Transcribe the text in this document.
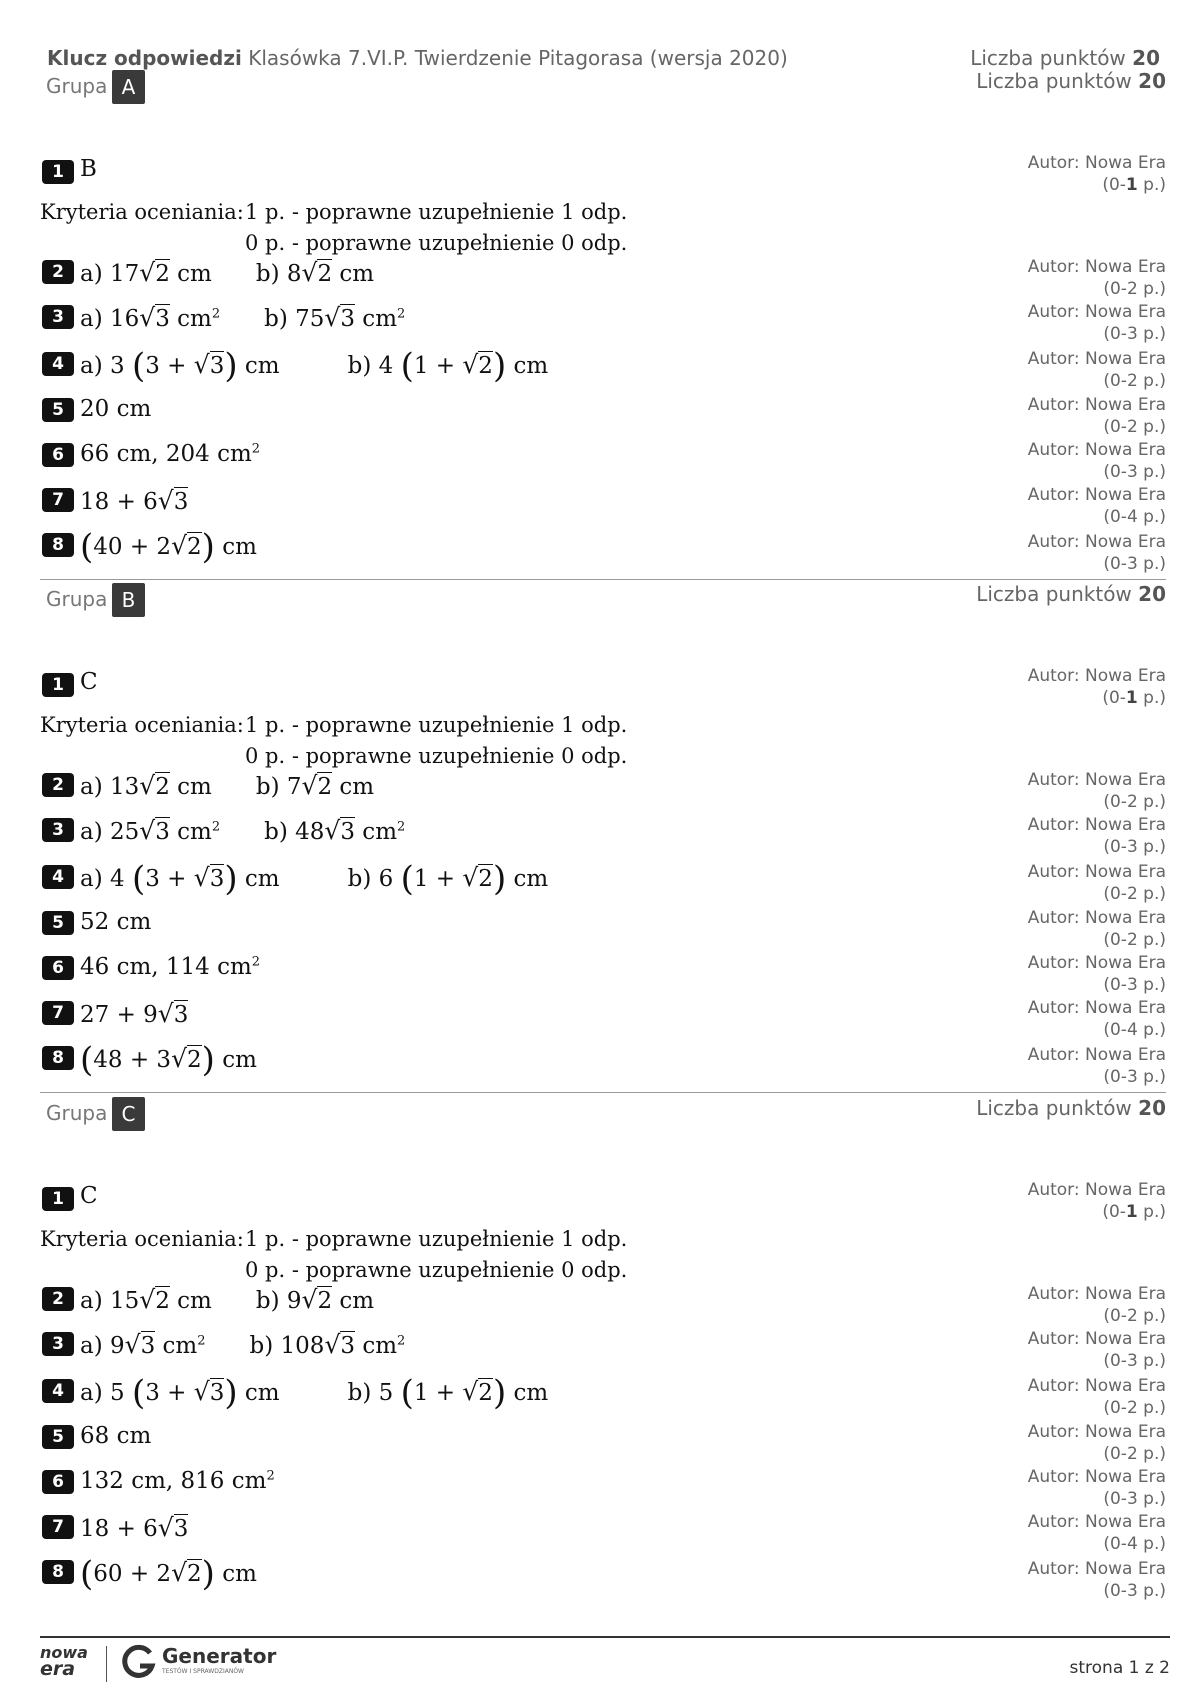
Klucz odpowiedzi Klasówka 7.VI.P. Twierdzenie Pitagorasa (wersja 2020)	Liczba punktów 20
Grupa A	Liczba punktów 20
1 B	Autor: Nowa Era
(0-1 p.)
Kryteria oceniania: 1 p. - poprawne uzupełnienie 1 odp.
0 p. - poprawne uzupełnienie 0 odp.
2 a) 17√2 cm b) 8√2 cm	Autor: Nowa Era
(0-2 p.)
3 a) 16√3 $cm^2$ b) 75√3 $cm^2$	Autor: Nowa Era
(0-3 p.)
4 a) 3 (3 + √3) cm	b) 4 (1 + √2) cm	Autor: Nowa Era
(0-2 p.)
5 20 cm	Autor: Nowa Era
(0-2 p.)
6 66 cm, 204 $cm^2$	Autor: Nowa Era
(0-3 p.)
7 18 + 6√3	Autor: Nowa Era
(0-4 p.)
8 (40 + 2√2) cm	Autor: Nowa Era
(0-3 p.)
Grupa B	Liczba punktów 20
1 C	Autor: Nowa Era
(0-1 p.)
Kryteria oceniania: 1 p. - poprawne uzupełnienie 1 odp.
0 p. - poprawne uzupełnienie 0 odp.
2 a) 13√2 cm b) 7√2 cm	Autor: Nowa Era
(0-2 p.)
3 a) 25√3 $cm^2$ b) 48√3 $cm^2$	Autor: Nowa Era
(0-3 p.)
4 a) 4 (3 + √3) cm	b) 6 (1 + √2) cm	Autor: Nowa Era
(0-2 p.)
5 52 cm	Autor: Nowa Era
(0-2 p.)
6 46 cm, 114 $cm^2$	Autor: Nowa Era
(0-3 p.)
7 27 + 9√3	Autor: Nowa Era
(0-4 p.)
8 (48 + 3√2) cm	Autor: Nowa Era
(0-3 p.)
Grupa C	Liczba punktów 20
1 C	Autor: Nowa Era
(0-1 p.)
Kryteria oceniania: 1 p. - poprawne uzupełnienie 1 odp.
0 p. - poprawne uzupełnienie 0 odp.
2 a) 15√2 cm b) 9√2 cm	Autor: Nowa Era
(0-2 p.)
3 a) 9√3 $cm^2$ b) 108√3 $cm^2$	Autor: Nowa Era
(0-3 p.)
4 a) 5 (3 + √3) cm	b) 5 (1 + √2) cm	Autor: Nowa Era
(0-2 p.)
5 68 cm	Autor: Nowa Era
(0-2 p.)
6 132 cm, 816 $cm^2$	Autor: Nowa Era
(0-3 p.)
7 18 + 6√3	Autor: Nowa Era
(0-4 p.)
8 (60 + 2√2) cm	Autor: Nowa Era
(0-3 p.)
nowa
era
Generator
TESTÓW I SPRAWDZIANÓW	strona 1 z 2
